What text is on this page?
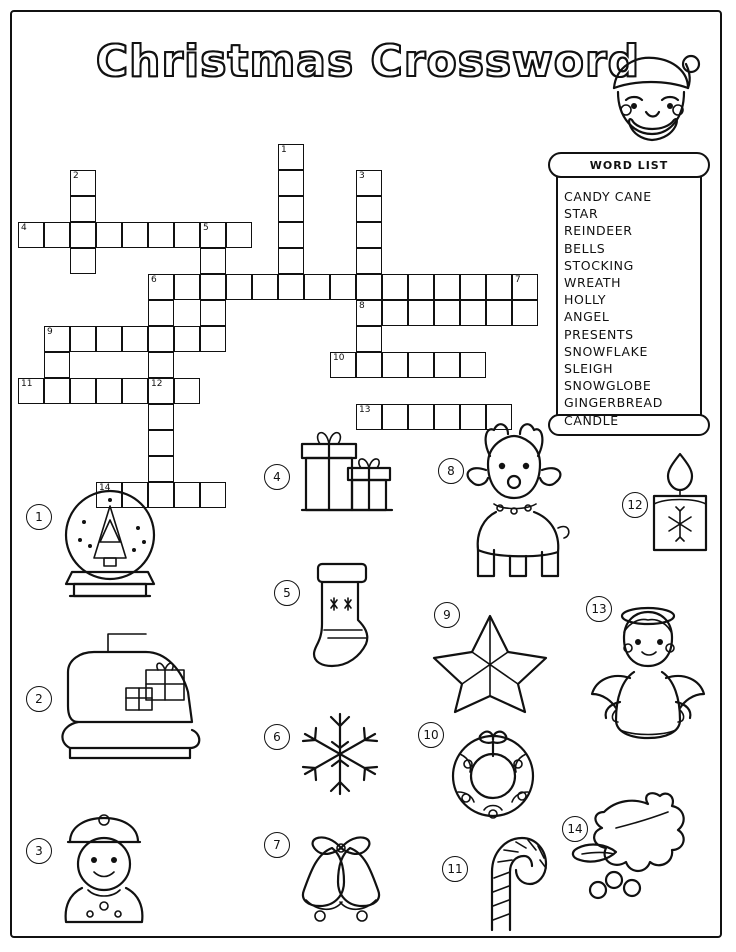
Christmas Crossword
WORD LIST
CANDY CANE
STAR
REINDEER
BELLS
STOCKING
WREATH
HOLLY
ANGEL
PRESENTS
SNOWFLAKE
SLEIGH
SNOWGLOBE
GINGERBREAD
CANDLE
1
2	3
4	5
6	7
8
9
10
11	12
13
14
1
2
3
4
5
6
7
8
9
10
11
12
13
14
